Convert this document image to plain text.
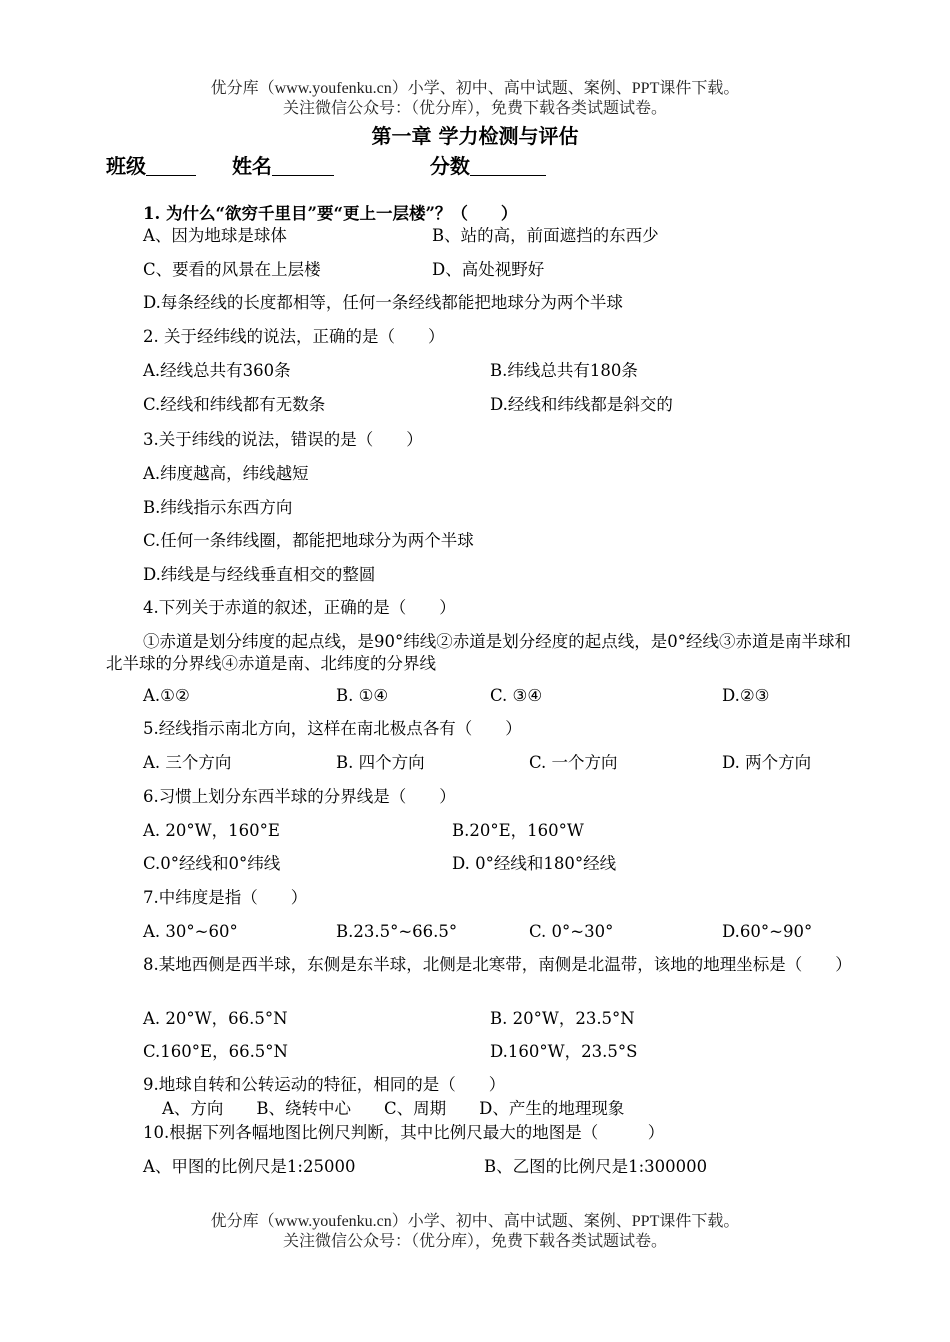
优分库（www.youfenku.cn）小学、初中、高中试题、案例、PPT课件下载。
关注微信公众号：（优分库），免费下载各类试题试卷。
第一章 学力检测与评估
班级	姓名	分数
1. 为什么“欲穷千里目”要“更上一层楼”？（　　）
A、因为地球是球体	B、站的高，前面遮挡的东西少
C、要看的风景在上层楼	D、高处视野好
D.每条经线的长度都相等，任何一条经线都能把地球分为两个半球
2. 关于经纬线的说法，正确的是（　　）
A.经线总共有360条	B.纬线总共有180条
C.经线和纬线都有无数条	D.经线和纬线都是斜交的
3.关于纬线的说法，错误的是（　　）
A.纬度越高，纬线越短
B.纬线指示东西方向
C.任何一条纬线圈，都能把地球分为两个半球
D.纬线是与经线垂直相交的整圆
4.下列关于赤道的叙述，正确的是（　　）
①赤道是划分纬度的起点线，是90°纬线②赤道是划分经度的起点线，是0°经线③赤道是南半球和北半球的分界线④赤道是南、北纬度的分界线
A.①②	B. ①④	C. ③④	D.②③
5.经线指示南北方向，这样在南北极点各有（　　）
A. 三个方向	B. 四个方向	C. 一个方向	D. 两个方向
6.习惯上划分东西半球的分界线是（　　）
A. 20°W，160°E	B.20°E，160°W
C.0°经线和0°纬线	D. 0°经线和180°经线
7.中纬度是指（　　）
A. 30°~60°	B.23.5°~66.5°	C. 0°~30°	D.60°~90°
8.某地西侧是西半球，东侧是东半球，北侧是北寒带，南侧是北温带，该地的地理坐标是（　　）
A. 20°W，66.5°N	B. 20°W，23.5°N
C.160°E，66.5°N	D.160°W，23.5°S
9.地球自转和公转运动的特征，相同的是（　　）
A、方向　　B、绕转中心　　C、周期　　D、产生的地理现象
10.根据下列各幅地图比例尺判断，其中比例尺最大的地图是（　　　）
A、甲图的比例尺是1:25000	B、乙图的比例尺是1:300000
优分库（www.youfenku.cn）小学、初中、高中试题、案例、PPT课件下载。
关注微信公众号：（优分库），免费下载各类试题试卷。
